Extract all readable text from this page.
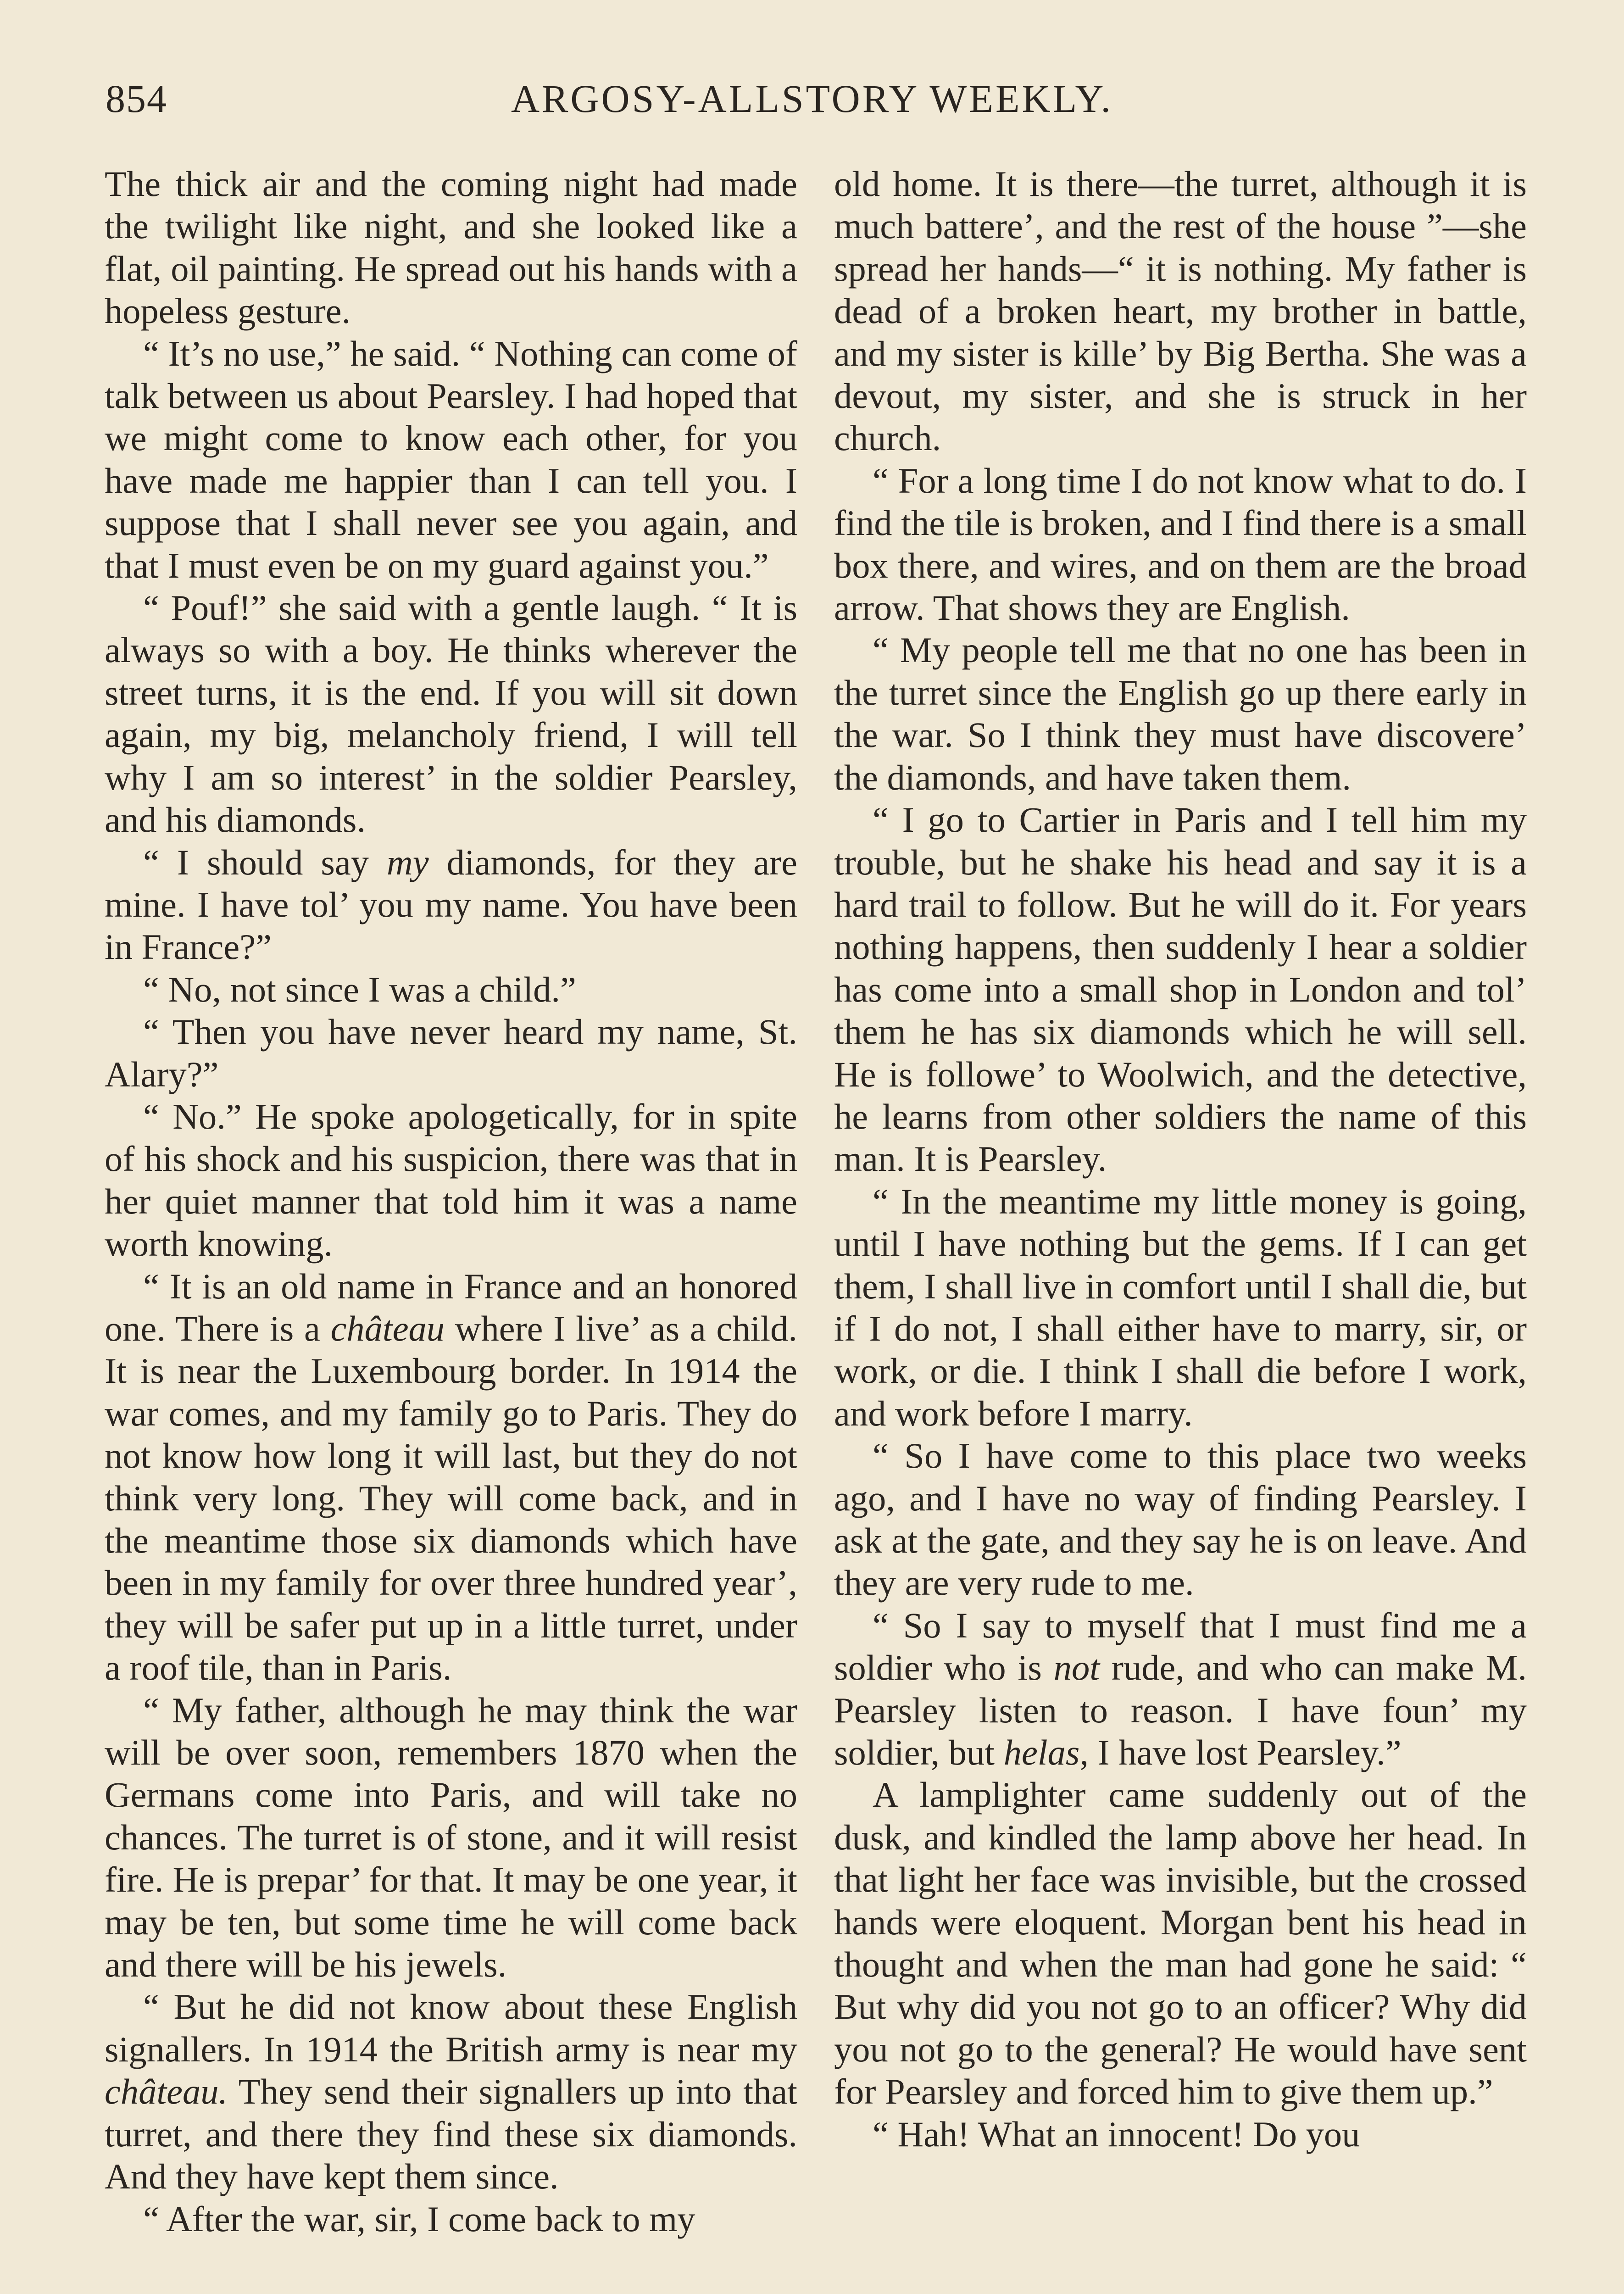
854	ARGOSY-ALLSTORY WEEKLY.

The thick air and the coming night had made the twilight like night, and she looked like a flat, oil painting. He spread out his hands with a hopeless gesture.

“ It’s no use,” he said. “ Nothing can come of talk between us about Pearsley. I had hoped that we might come to know each other, for you have made me happier than I can tell you. I suppose that I shall never see you again, and that I must even be on my guard against you.”

“ Pouf!” she said with a gentle laugh. “ It is always so with a boy. He thinks wherever the street turns, it is the end. If you will sit down again, my big, melancholy friend, I will tell why I am so interest’ in the soldier Pearsley, and his diamonds.

“ I should say my diamonds, for they are mine. I have tol’ you my name. You have been in France?”

“ No, not since I was a child.”

“ Then you have never heard my name, St. Alary?”

“ No.” He spoke apologetically, for in spite of his shock and his suspicion, there was that in her quiet manner that told him it was a name worth knowing.

“ It is an old name in France and an honored one. There is a château where I live’ as a child. It is near the Luxembourg border. In 1914 the war comes, and my family go to Paris. They do not know how long it will last, but they do not think very long. They will come back, and in the meantime those six diamonds which have been in my family for over three hundred year’, they will be safer put up in a little turret, under a roof tile, than in Paris.

“ My father, although he may think the war will be over soon, remembers 1870 when the Germans come into Paris, and will take no chances. The turret is of stone, and it will resist fire. He is prepar’ for that. It may be one year, it may be ten, but some time he will come back and there will be his jewels.

“ But he did not know about these English signallers. In 1914 the British army is near my château. They send their signallers up into that turret, and there they find these six diamonds. And they have kept them since.

“ After the war, sir, I come back to my

old home. It is there—the turret, although it is much battere’, and the rest of the house ”—she spread her hands—“ it is nothing. My father is dead of a broken heart, my brother in battle, and my sister is kille’ by Big Bertha. She was a devout, my sister, and she is struck in her church.

“ For a long time I do not know what to do. I find the tile is broken, and I find there is a small box there, and wires, and on them are the broad arrow. That shows they are English.

“ My people tell me that no one has been in the turret since the English go up there early in the war. So I think they must have discovere’ the diamonds, and have taken them.

“ I go to Cartier in Paris and I tell him my trouble, but he shake his head and say it is a hard trail to follow. But he will do it. For years nothing happens, then suddenly I hear a soldier has come into a small shop in London and tol’ them he has six diamonds which he will sell. He is followe’ to Woolwich, and the detective, he learns from other soldiers the name of this man. It is Pearsley.

“ In the meantime my little money is going, until I have nothing but the gems. If I can get them, I shall live in comfort until I shall die, but if I do not, I shall either have to marry, sir, or work, or die. I think I shall die before I work, and work before I marry.

“ So I have come to this place two weeks ago, and I have no way of finding Pearsley. I ask at the gate, and they say he is on leave. And they are very rude to me.

“ So I say to myself that I must find me a soldier who is not rude, and who can make M. Pearsley listen to reason. I have foun’ my soldier, but helas, I have lost Pearsley.”

A lamplighter came suddenly out of the dusk, and kindled the lamp above her head. In that light her face was invisible, but the crossed hands were eloquent. Morgan bent his head in thought and when the man had gone he said: “ But why did you not go to an officer? Why did you not go to the general? He would have sent for Pearsley and forced him to give them up.”

“ Hah! What an innocent! Do you
